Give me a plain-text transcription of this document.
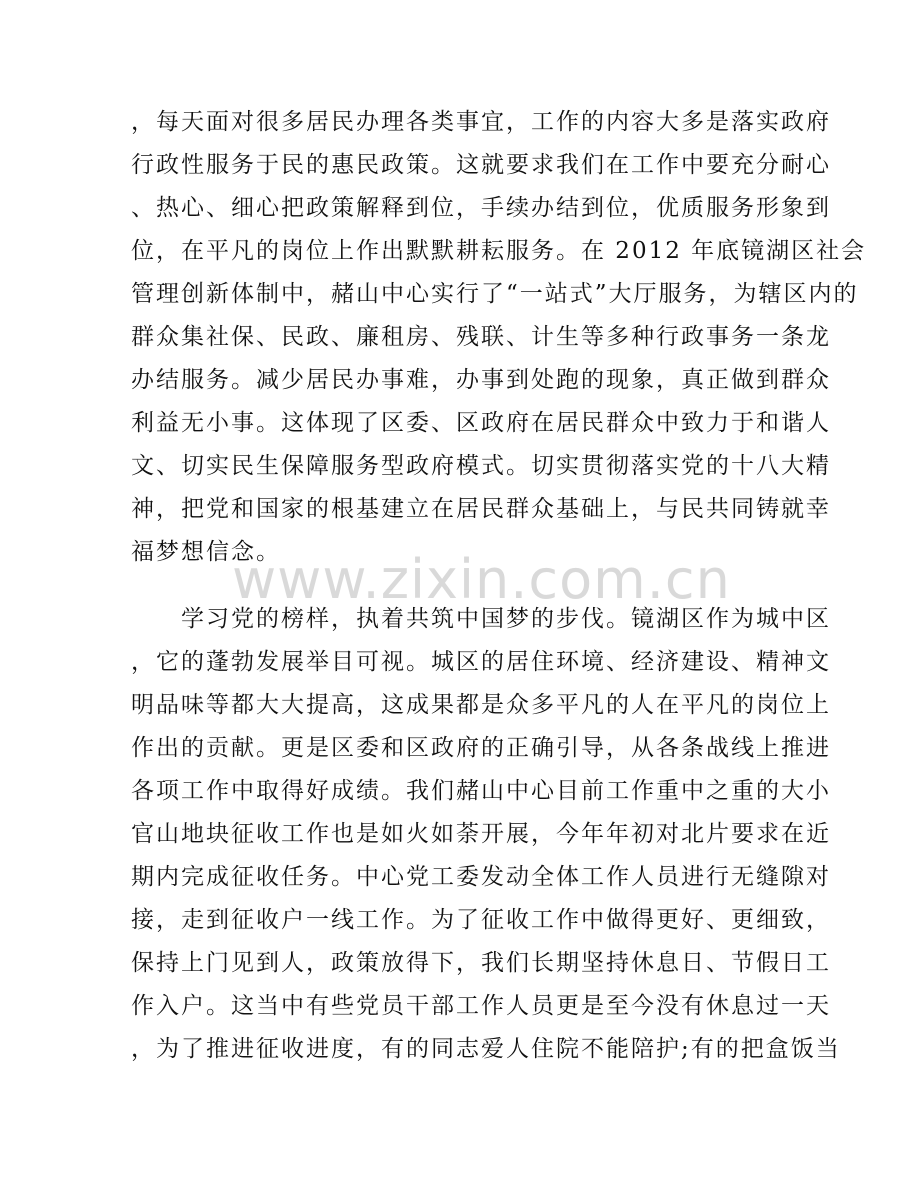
，每天面对很多居民办理各类事宜，工作的内容大多是落实政府
行政性服务于民的惠民政策。这就要求我们在工作中要充分耐心
、热心、细心把政策解释到位，手续办结到位，优质服务形象到
位，在平凡的岗位上作出默默耕耘服务。在 2012 年底镜湖区社会
管理创新体制中，赭山中心实行了“一站式”大厅服务，为辖区内的
群众集社保、民政、廉租房、残联、计生等多种行政事务一条龙
办结服务。减少居民办事难，办事到处跑的现象，真正做到群众
利益无小事。这体现了区委、区政府在居民群众中致力于和谐人
文、切实民生保障服务型政府模式。切实贯彻落实党的十八大精
神，把党和国家的根基建立在居民群众基础上，与民共同铸就幸
福梦想信念。
　　学习党的榜样，执着共筑中国梦的步伐。镜湖区作为城中区
，它的蓬勃发展举目可视。城区的居住环境、经济建设、精神文
明品味等都大大提高，这成果都是众多平凡的人在平凡的岗位上
作出的贡献。更是区委和区政府的正确引导，从各条战线上推进
各项工作中取得好成绩。我们赭山中心目前工作重中之重的大小
官山地块征收工作也是如火如荼开展，今年年初对北片要求在近
期内完成征收任务。中心党工委发动全体工作人员进行无缝隙对
接，走到征收户一线工作。为了征收工作中做得更好、更细致，
保持上门见到人，政策放得下，我们长期坚持休息日、节假日工
作入户。这当中有些党员干部工作人员更是至今没有休息过一天
，为了推进征收进度，有的同志爱人住院不能陪护;有的把盒饭当
www.zixin.com.cn
